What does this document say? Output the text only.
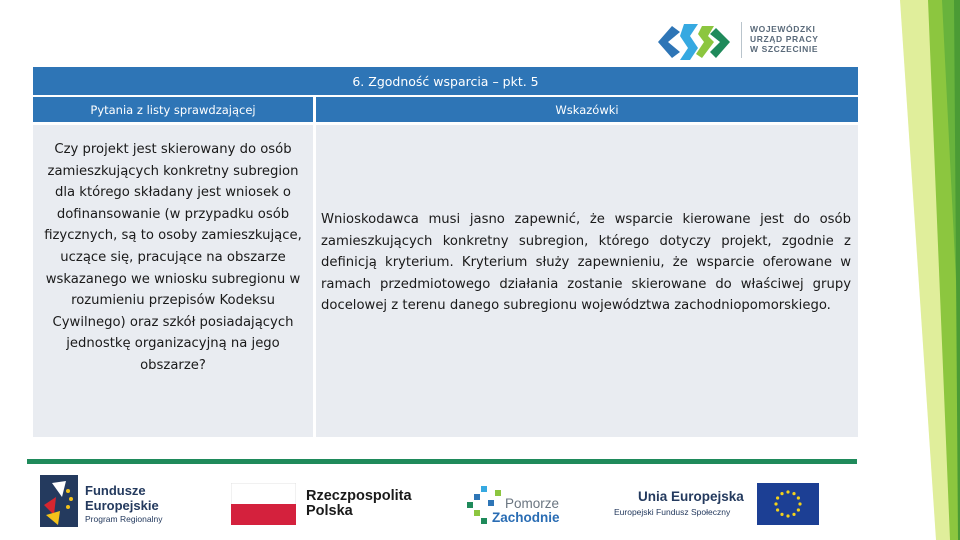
WOJEWÓDZKI
URZĄD PRACY
W SZCZECINIE
6. Zgodność wsparcia – pkt. 5
Pytania z listy sprawdzającej	Wskazówki
Czy projekt jest skierowany do osób zamieszkujących konkretny subregion dla którego składany jest wniosek o dofinansowanie (w przypadku osób fizycznych, są to osoby zamieszkujące, uczące się, pracujące na obszarze wskazanego we wniosku subregionu w rozumieniu przepisów Kodeksu Cywilnego) oraz szkół posiadających jednostkę organizacyjną na jego obszarze?
Wnioskodawca musi jasno zapewnić, że wsparcie kierowane jest do osób zamieszkujących konkretny subregion, którego dotyczy projekt, zgodnie z definicją kryterium. Kryterium służy zapewnieniu, że wsparcie oferowane w ramach przedmiotowego działania zostanie skierowane do właściwej grupy docelowej z terenu danego subregionu województwa zachodniopomorskiego.
Fundusze
Europejskie
Program Regionalny
Rzeczpospolita
Polska	Pomorze
Zachodnie
Unia Europejska
Europejski Fundusz Społeczny
